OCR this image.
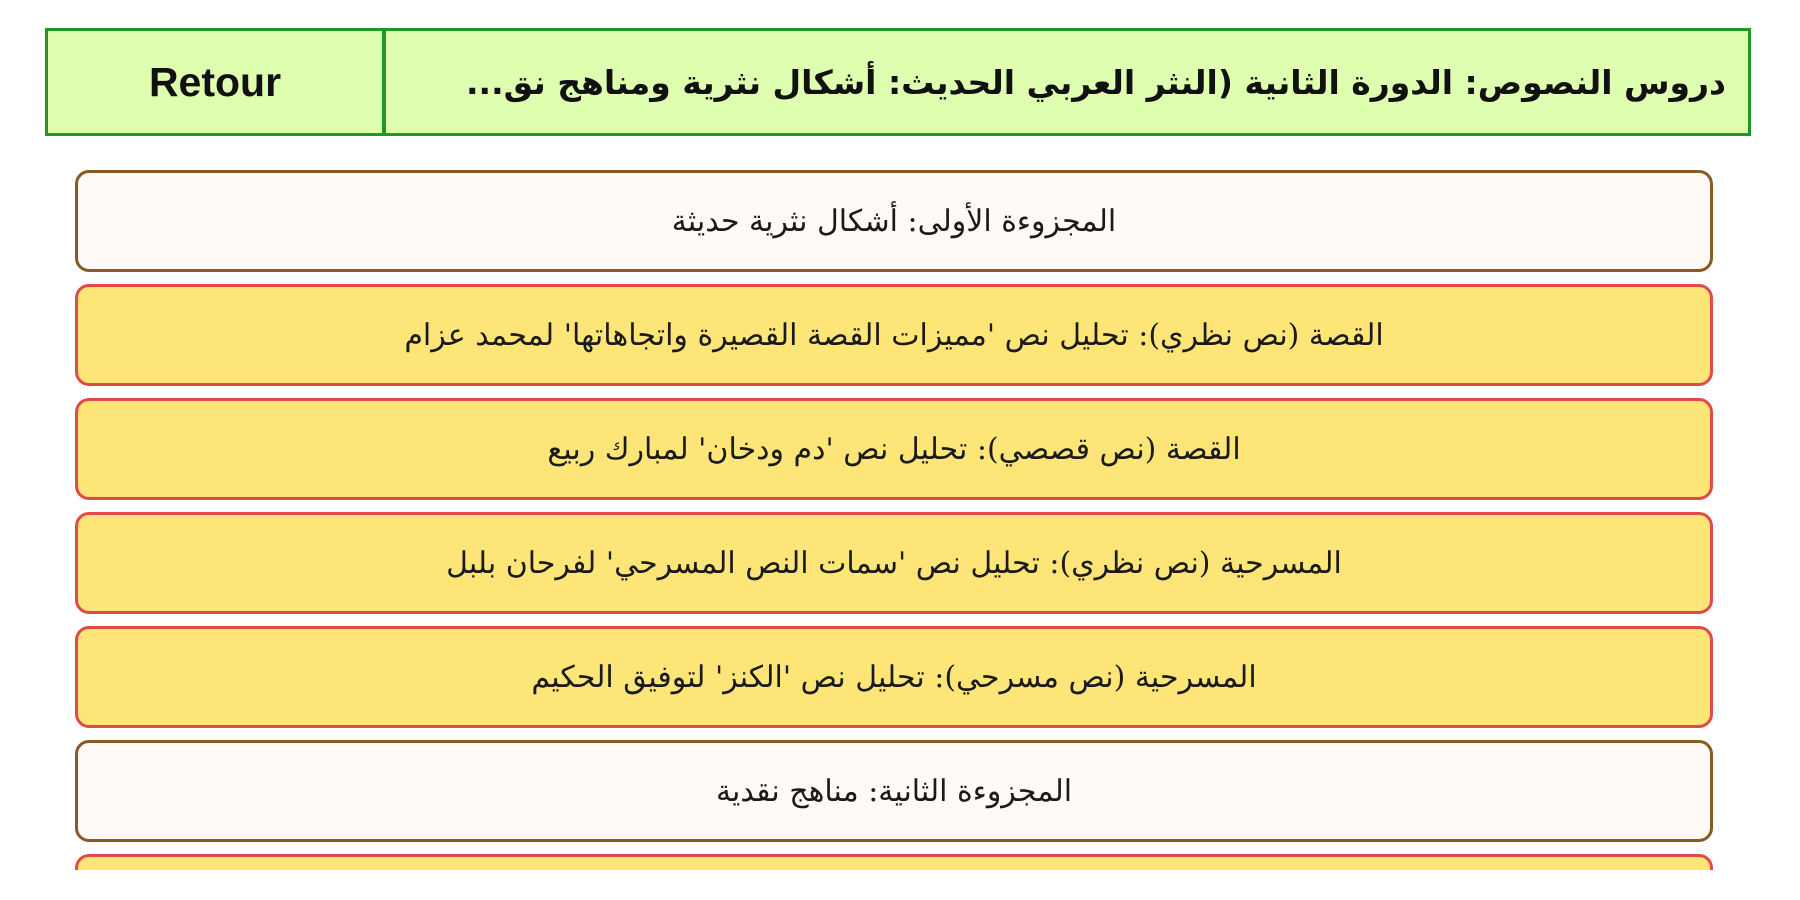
Retour	دروس النصوص: الدورة الثانية (النثر العربي الحديث: أشكال نثرية ومناهج نق...
المجزوءة الأولى: أشكال نثرية حديثة
القصة (نص نظري): تحليل نص 'مميزات القصة القصيرة واتجاهاتها' لمحمد عزام
القصة (نص قصصي): تحليل نص 'دم ودخان' لمبارك ربيع
المسرحية (نص نظري): تحليل نص 'سمات النص المسرحي' لفرحان بلبل
المسرحية (نص مسرحي): تحليل نص 'الكنز' لتوفيق الحكيم
المجزوءة الثانية: مناهج نقدية
